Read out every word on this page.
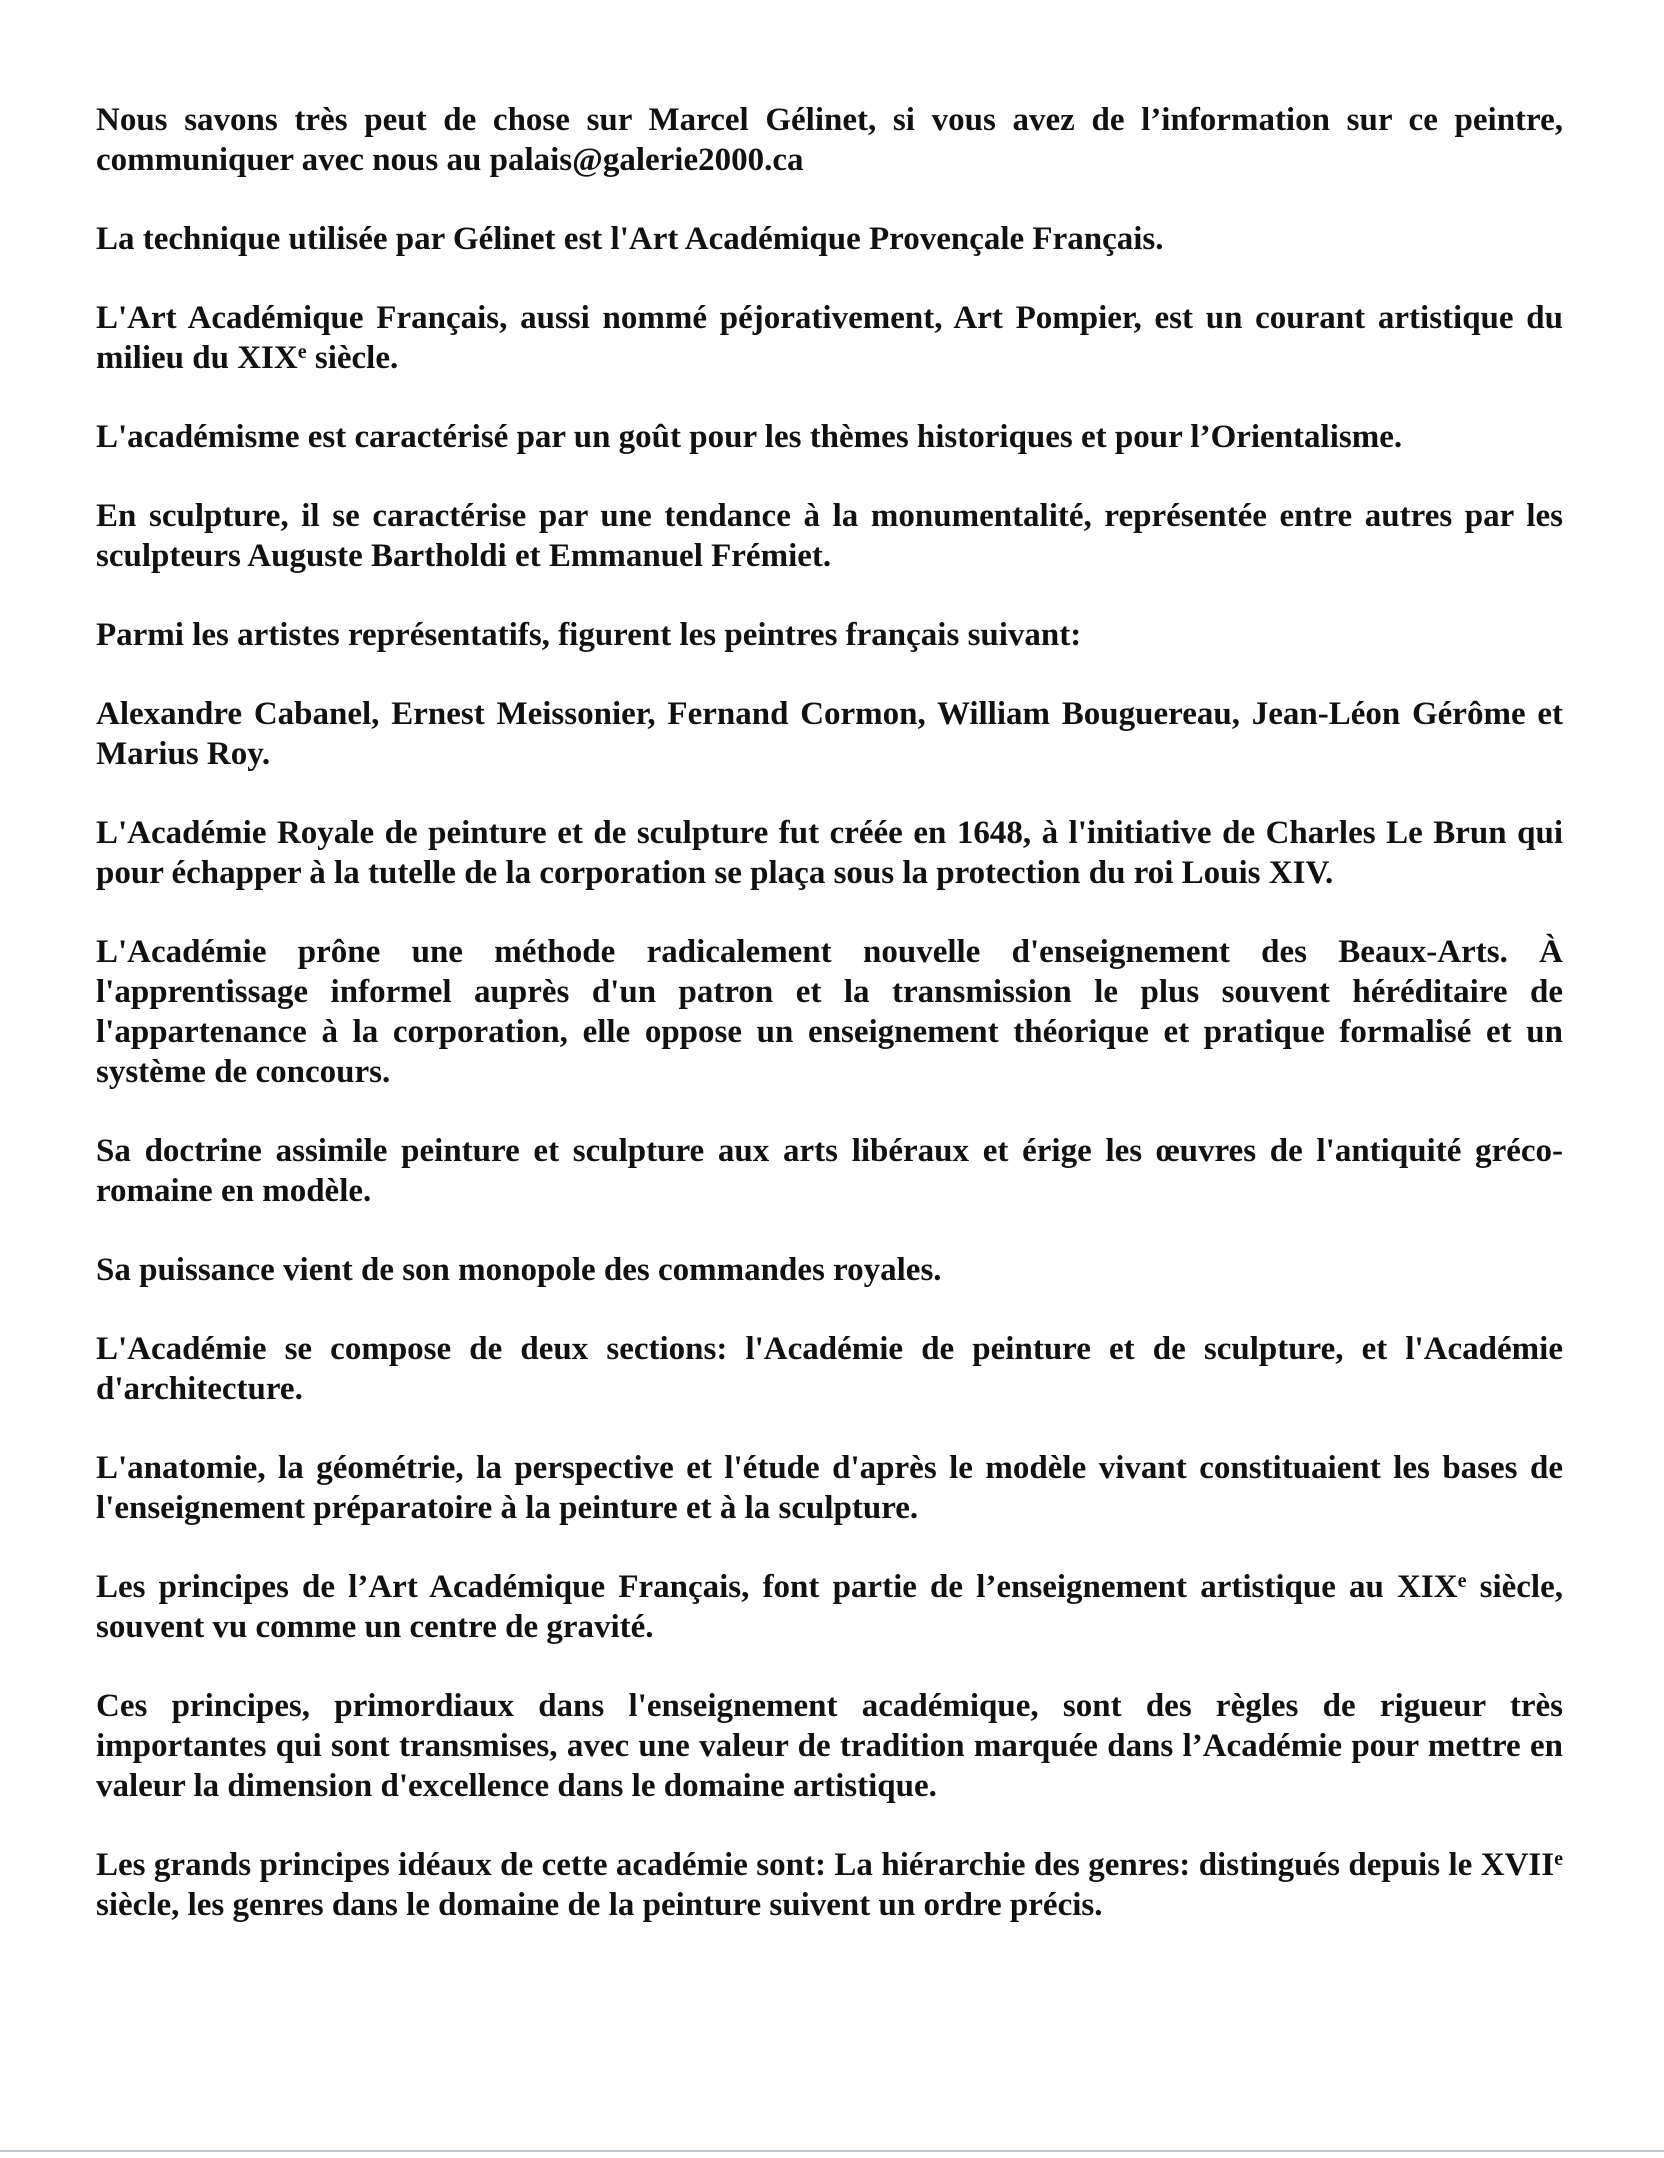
Nous savons très peut de chose sur Marcel Gélinet, si vous avez de l’information sur ce peintre, communiquer avec nous au palais@galerie2000.ca

La technique utilisée par Gélinet est l'Art Académique Provençale Français.

L'Art Académique Français, aussi nommé péjorativement, Art Pompier, est un courant artistique du milieu du XIXe siècle.

L'académisme est caractérisé par un goût pour les thèmes historiques et pour l’Orientalisme.

En sculpture, il se caractérise par une tendance à la monumentalité, représentée entre autres par les sculpteurs Auguste Bartholdi et Emmanuel Frémiet.

Parmi les artistes représentatifs, figurent les peintres français suivant:

Alexandre Cabanel, Ernest Meissonier, Fernand Cormon, William Bouguereau, Jean-Léon Gérôme et Marius Roy.

L'Académie Royale de peinture et de sculpture fut créée en 1648, à l'initiative de Charles Le Brun qui pour échapper à la tutelle de la corporation se plaça sous la protection du roi Louis XIV.

L'Académie prône une méthode radicalement nouvelle d'enseignement des Beaux-Arts. À l'apprentissage informel auprès d'un patron et la transmission le plus souvent héréditaire de l'appartenance à la corporation, elle oppose un enseignement théorique et pratique formalisé et un système de concours.

Sa doctrine assimile peinture et sculpture aux arts libéraux et érige les œuvres de l'antiquité gréco-romaine en modèle.

Sa puissance vient de son monopole des commandes royales.

L'Académie se compose de deux sections: l'Académie de peinture et de sculpture, et l'Académie d'architecture.

L'anatomie, la géométrie, la perspective et l'étude d'après le modèle vivant constituaient les bases de l'enseignement préparatoire à la peinture et à la sculpture.

Les principes de l’Art Académique Français, font partie de l’enseignement artistique au XIXe siècle, souvent vu comme un centre de gravité.

Ces principes, primordiaux dans l'enseignement académique, sont des règles de rigueur très importantes qui sont transmises, avec une valeur de tradition marquée dans l’Académie pour mettre en valeur la dimension d'excellence dans le domaine artistique.

Les grands principes idéaux de cette académie sont: La hiérarchie des genres: distingués depuis le XVIIe siècle, les genres dans le domaine de la peinture suivent un ordre précis.
